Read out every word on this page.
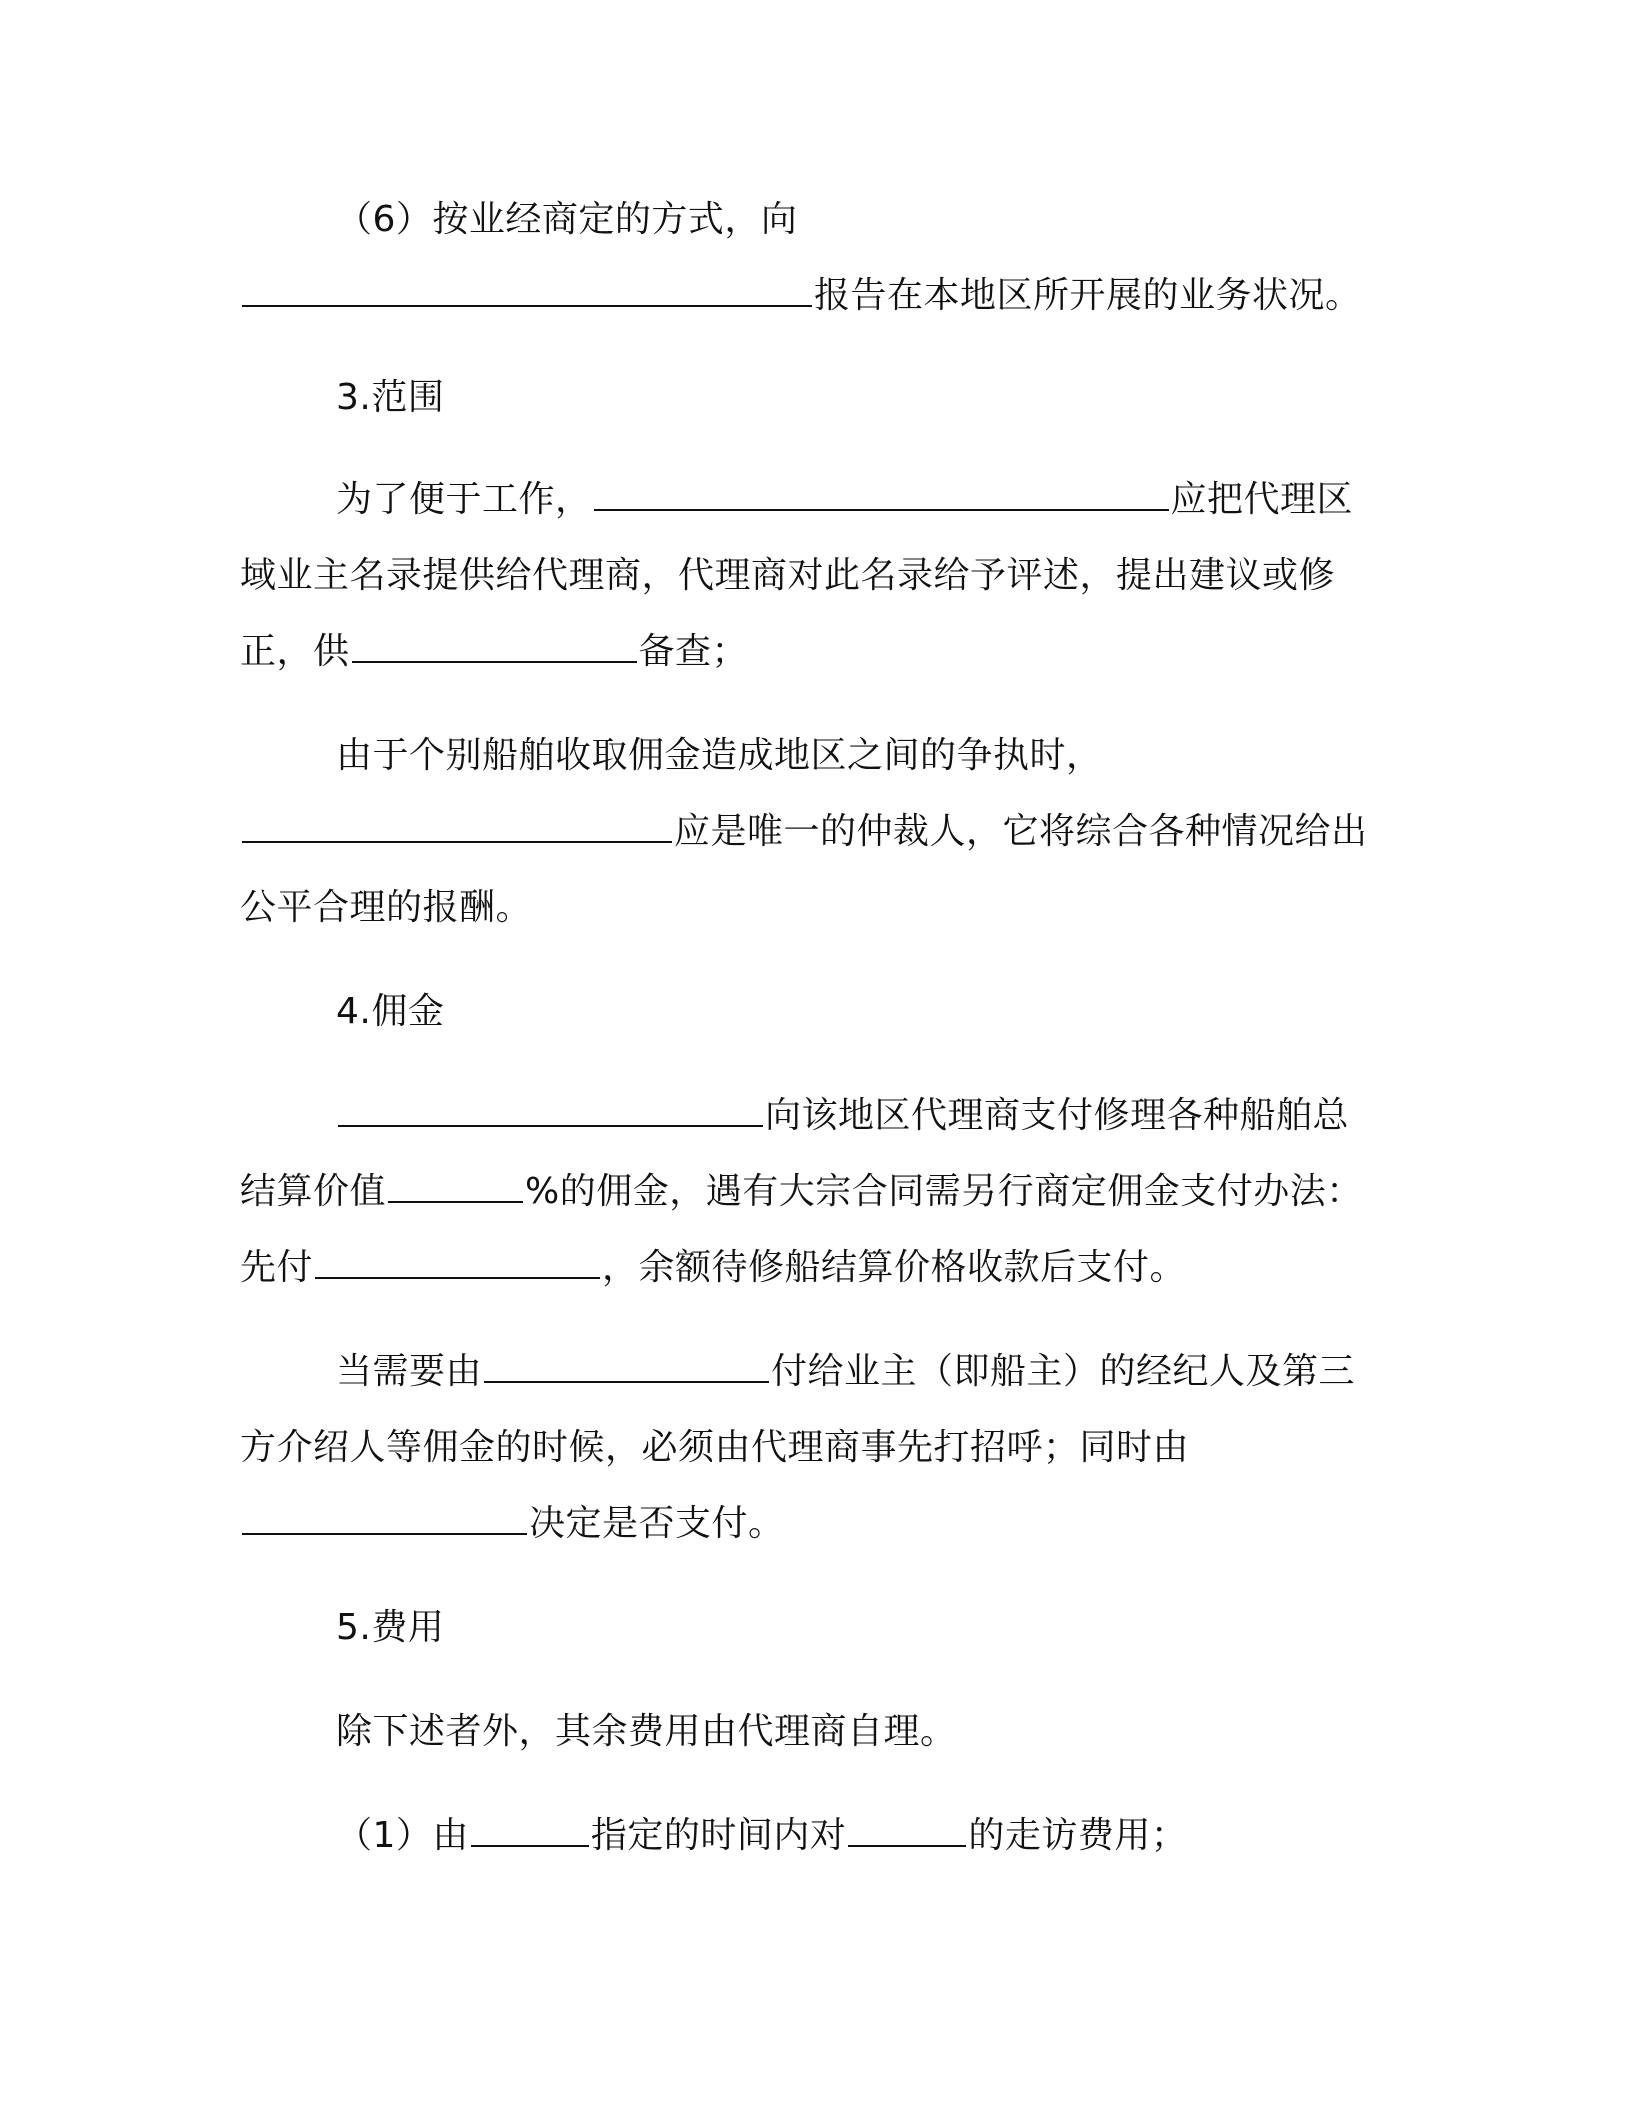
（6）按业经商定的方式，向
报告在本地区所开展的业务状况。
3.范围
为了便于工作，	应把代理区
域业主名录提供给代理商，代理商对此名录给予评述，提出建议或修
正，供	备查；
由于个别船舶收取佣金造成地区之间的争执时，
应是唯一的仲裁人，它将综合各种情况给出
公平合理的报酬。
4.佣金
向该地区代理商支付修理各种船舶总
结算价值	%的佣金，遇有大宗合同需另行商定佣金支付办法：
先付	，余额待修船结算价格收款后支付。
当需要由	付给业主（即船主）的经纪人及第三
方介绍人等佣金的时候，必须由代理商事先打招呼；同时由
决定是否支付。
5.费用
除下述者外，其余费用由代理商自理。
（1）由	指定的时间内对	的走访费用；
